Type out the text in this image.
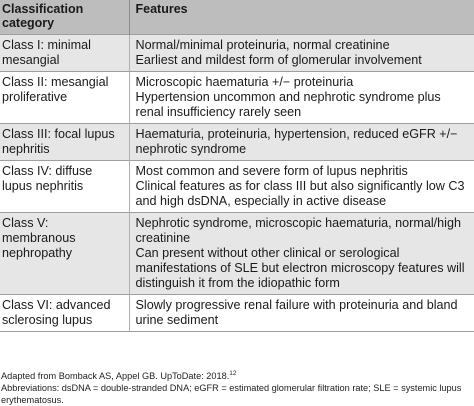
Classification category	Features
Class I: minimal mesangial	Normal/minimal proteinuria, normal creatinine
Earliest and mildest form of glomerular involvement

Class II: mesangial proliferative	Microscopic haematuria +/− proteinuria
Hypertension uncommon and nephrotic syndrome plus renal insufficiency rarely seen

Class III: focal lupus nephritis	Haematuria, proteinuria, hypertension, reduced eGFR +/− nephrotic syndrome

Class IV: diffuse lupus nephritis	Most common and severe form of lupus nephritis
Clinical features as for class III but also significantly low C3 and high dsDNA, especially in active disease

Class V: membranous nephropathy	Nephrotic syndrome, microscopic haematuria, normal/high creatinine
Can present without other clinical or serological manifestations of SLE but electron microscopy features will distinguish it from the idiopathic form

Class VI: advanced sclerosing lupus	Slowly progressive renal failure with proteinuria and bland urine sediment
Adapted from Bomback AS, Appel GB. UpToDate: 2018.12
Abbreviations: dsDNA = double-stranded DNA; eGFR = estimated glomerular filtration rate; SLE = systemic lupus erythematosus.
